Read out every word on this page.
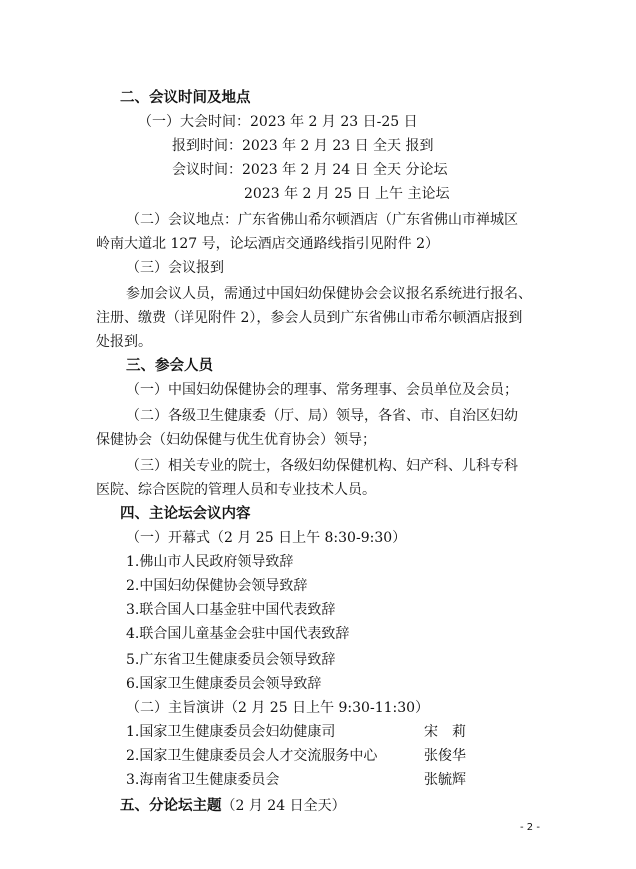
二、会议时间及地点
（一）大会时间：2023 年 2 月 23 日-25 日
报到时间：2023 年 2 月 23 日 全天 报到
会议时间：2023 年 2 月 24 日 全天 分论坛
2023 年 2 月 25 日 上午 主论坛
（二）会议地点：广东省佛山希尔顿酒店（广东省佛山市禅城区
岭南大道北 127 号，论坛酒店交通路线指引见附件 2）
（三）会议报到
参加会议人员，需通过中国妇幼保健协会会议报名系统进行报名、
注册、缴费（详见附件 2），参会人员到广东省佛山市希尔顿酒店报到
处报到。
三、参会人员
（一）中国妇幼保健协会的理事、常务理事、会员单位及会员；
（二）各级卫生健康委（厅、局）领导，各省、市、自治区妇幼
保健协会（妇幼保健与优生优育协会）领导；
（三）相关专业的院士，各级妇幼保健机构、妇产科、儿科专科
医院、综合医院的管理人员和专业技术人员。
四、主论坛会议内容
（一）开幕式（2 月 25 日上午 8:30-9:30）
1.佛山市人民政府领导致辞
2.中国妇幼保健协会领导致辞
3.联合国人口基金驻中国代表致辞
4.联合国儿童基金会驻中国代表致辞
5.广东省卫生健康委员会领导致辞
6.国家卫生健康委员会领导致辞
（二）主旨演讲（2 月 25 日上午 9:30-11:30）
1.国家卫生健康委员会妇幼健康司	宋　莉
2.国家卫生健康委员会人才交流服务中心	张俊华
3.海南省卫生健康委员会	张毓辉
五、分论坛主题（2 月 24 日全天）
- 2 -
